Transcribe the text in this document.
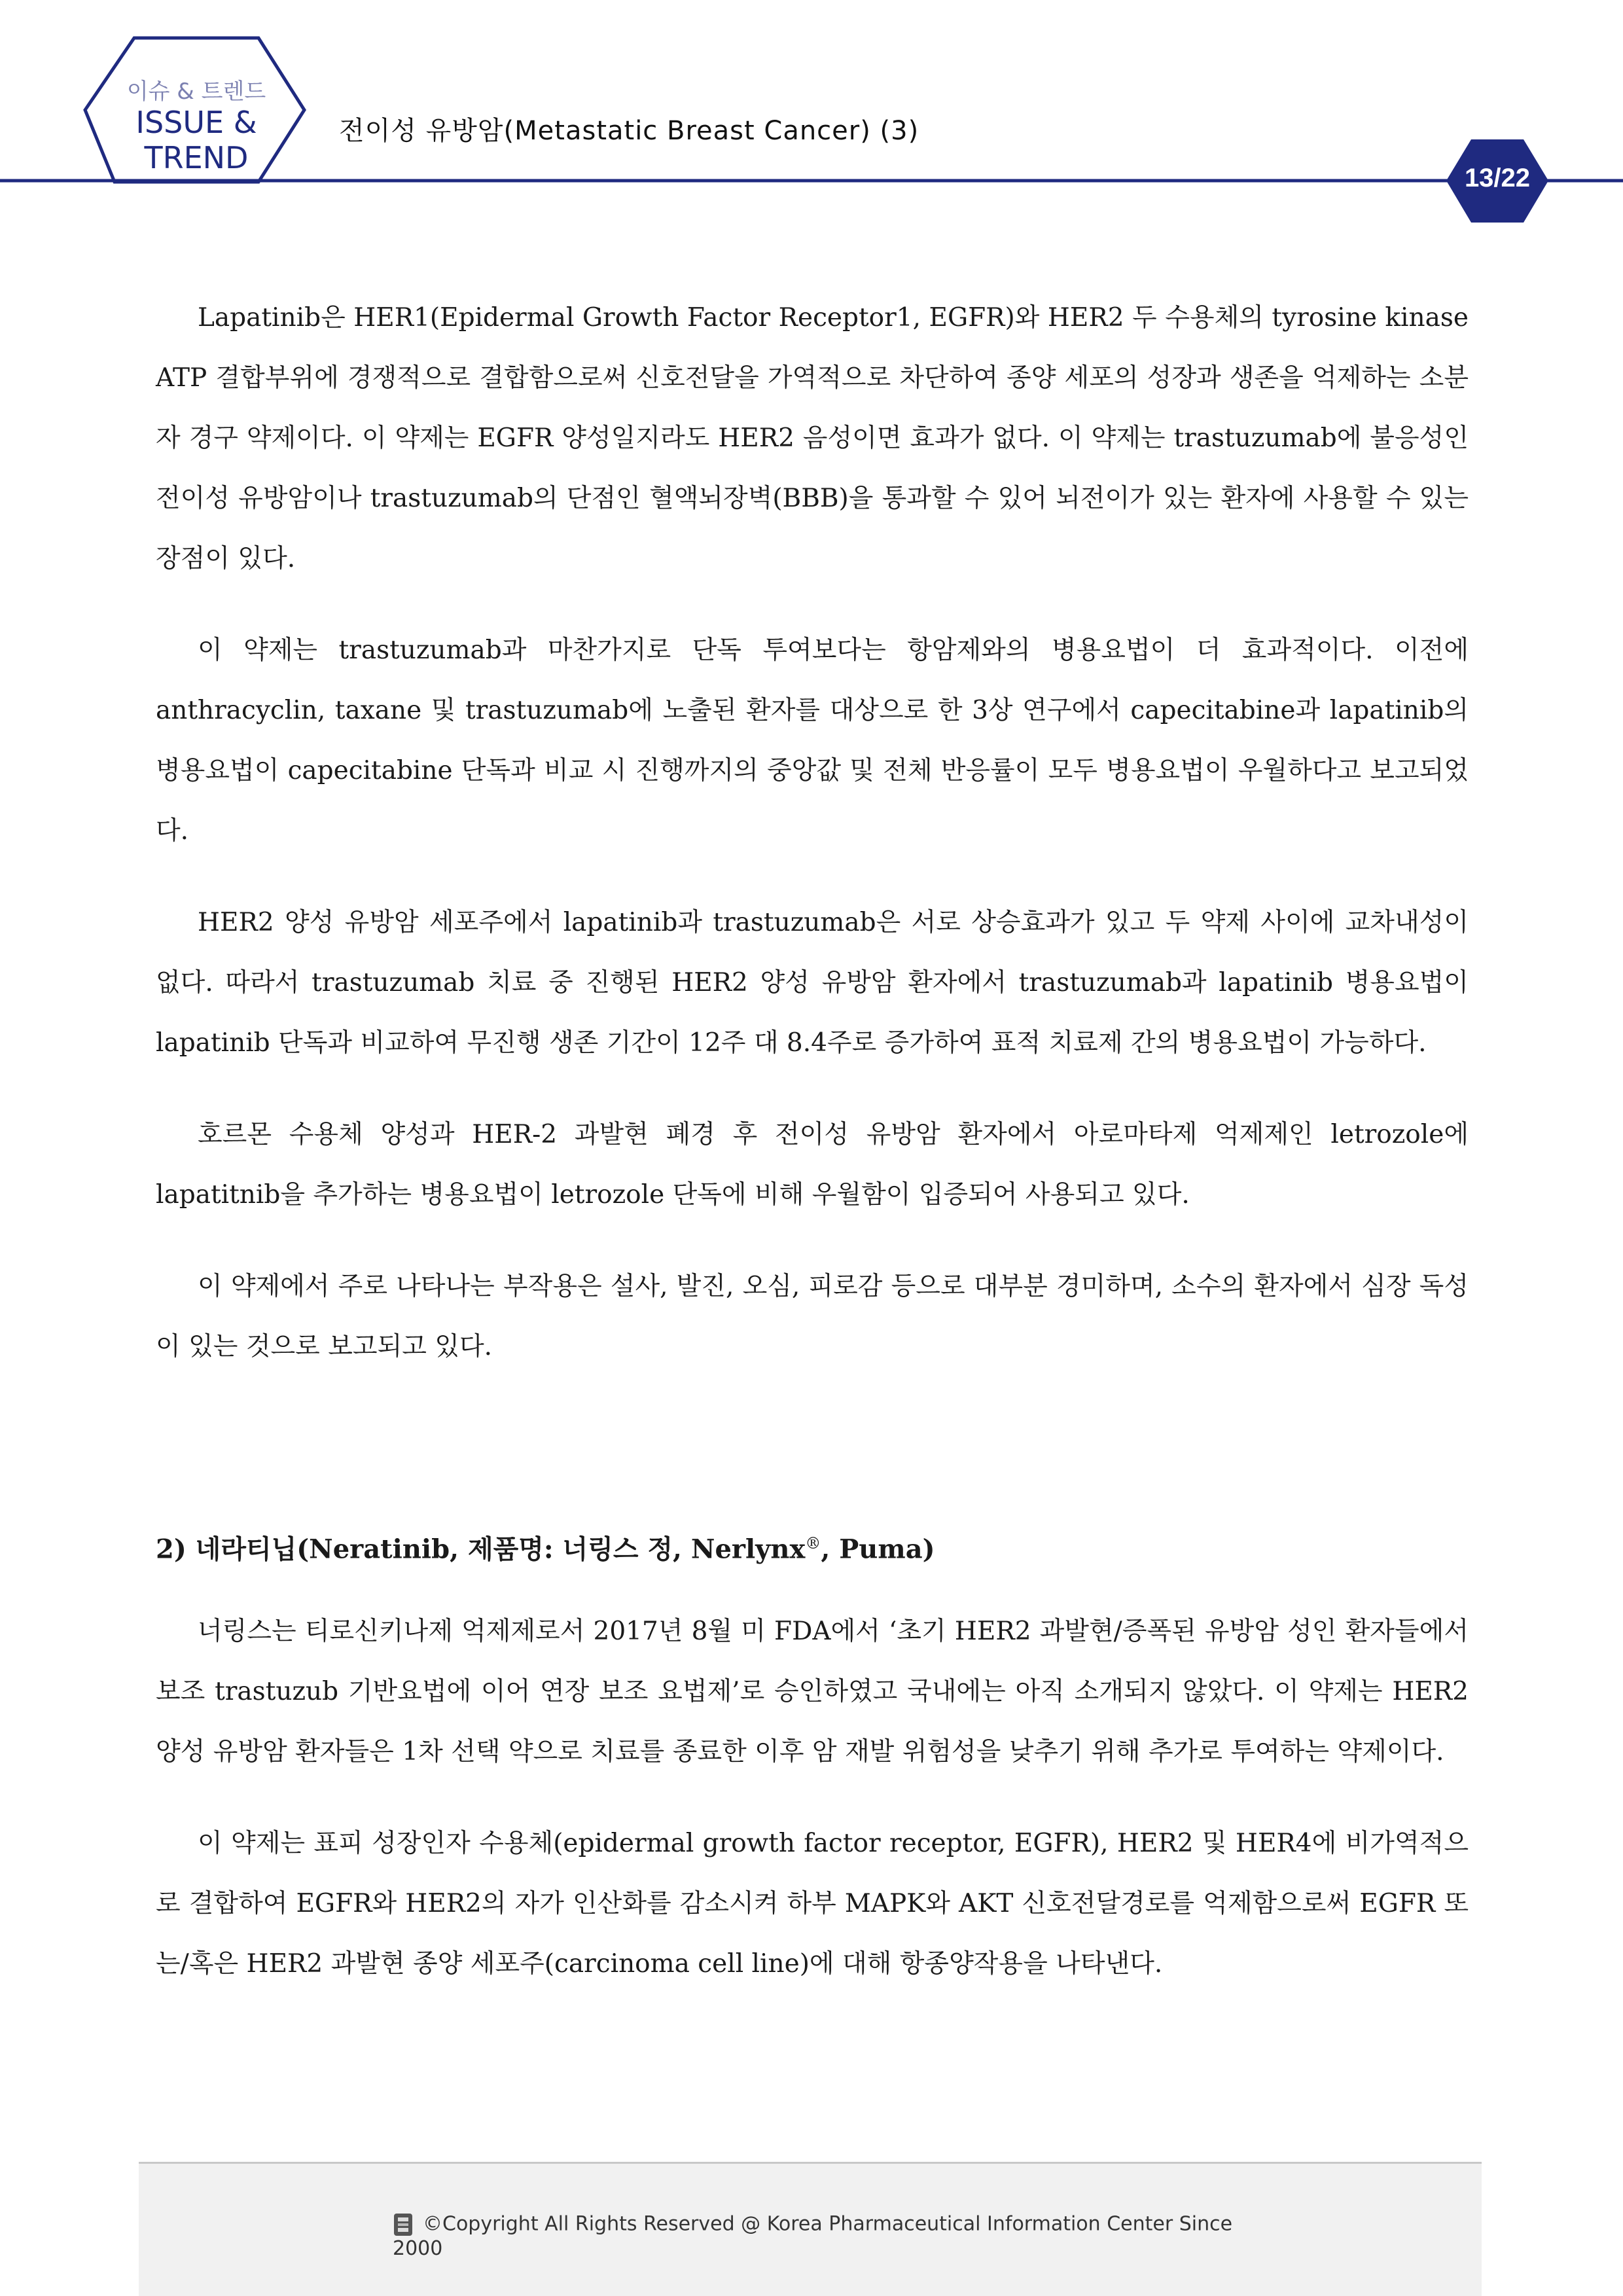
이슈 & 트렌드
ISSUE &
TREND
전이성 유방암(Metastatic Breast Cancer) (3)
13/22

Lapatinib은 HER1(Epidermal Growth Factor Receptor1, EGFR)와 HER2 두 수용체의 tyrosine kinase ATP 결합부위에 경쟁적으로 결합함으로써 신호전달을 가역적으로 차단하여 종양 세포의 성장과 생존을 억제하는 소분자 경구 약제이다. 이 약제는 EGFR 양성일지라도 HER2 음성이면 효과가 없다. 이 약제는 trastuzumab에 불응성인 전이성 유방암이나 trastuzumab의 단점인 혈액뇌장벽(BBB)을 통과할 수 있어 뇌전이가 있는 환자에 사용할 수 있는 장점이 있다.

이 약제는 trastuzumab과 마찬가지로 단독 투여보다는 항암제와의 병용요법이 더 효과적이다. 이전에 anthracyclin, taxane 및 trastuzumab에 노출된 환자를 대상으로 한 3상 연구에서 capecitabine과 lapatinib의 병용요법이 capecitabine 단독과 비교 시 진행까지의 중앙값 및 전체 반응률이 모두 병용요법이 우월하다고 보고되었다.

HER2 양성 유방암 세포주에서 lapatinib과 trastuzumab은 서로 상승효과가 있고 두 약제 사이에 교차내성이 없다. 따라서 trastuzumab 치료 중 진행된 HER2 양성 유방암 환자에서 trastuzumab과 lapatinib 병용요법이 lapatinib 단독과 비교하여 무진행 생존 기간이 12주 대 8.4주로 증가하여 표적 치료제 간의 병용요법이 가능하다.

호르몬 수용체 양성과 HER-2 과발현 폐경 후 전이성 유방암 환자에서 아로마타제 억제제인 letrozole에 lapatitnib을 추가하는 병용요법이 letrozole 단독에 비해 우월함이 입증되어 사용되고 있다.

이 약제에서 주로 나타나는 부작용은 설사, 발진, 오심, 피로감 등으로 대부분 경미하며, 소수의 환자에서 심장 독성이 있는 것으로 보고되고 있다.

2) 네라티닙(Neratinib, 제품명: 너링스 정, Nerlynx®, Puma)

너링스는 티로신키나제 억제제로서 2017년 8월 미 FDA에서 ‘초기 HER2 과발현/증폭된 유방암 성인 환자들에서 보조 trastuzub 기반요법에 이어 연장 보조 요법제’로 승인하였고 국내에는 아직 소개되지 않았다. 이 약제는 HER2 양성 유방암 환자들은 1차 선택 약으로 치료를 종료한 이후 암 재발 위험성을 낮추기 위해 추가로 투여하는 약제이다.

이 약제는 표피 성장인자 수용체(epidermal growth factor receptor, EGFR), HER2 및 HER4에 비가역적으로 결합하여 EGFR와 HER2의 자가 인산화를 감소시켜 하부 MAPK와 AKT 신호전달경로를 억제함으로써 EGFR 또는/혹은 HER2 과발현 종양 세포주(carcinoma cell line)에 대해 항종양작용을 나타낸다.

©Copyright All Rights Reserved @ Korea Pharmaceutical Information Center Since 2000
